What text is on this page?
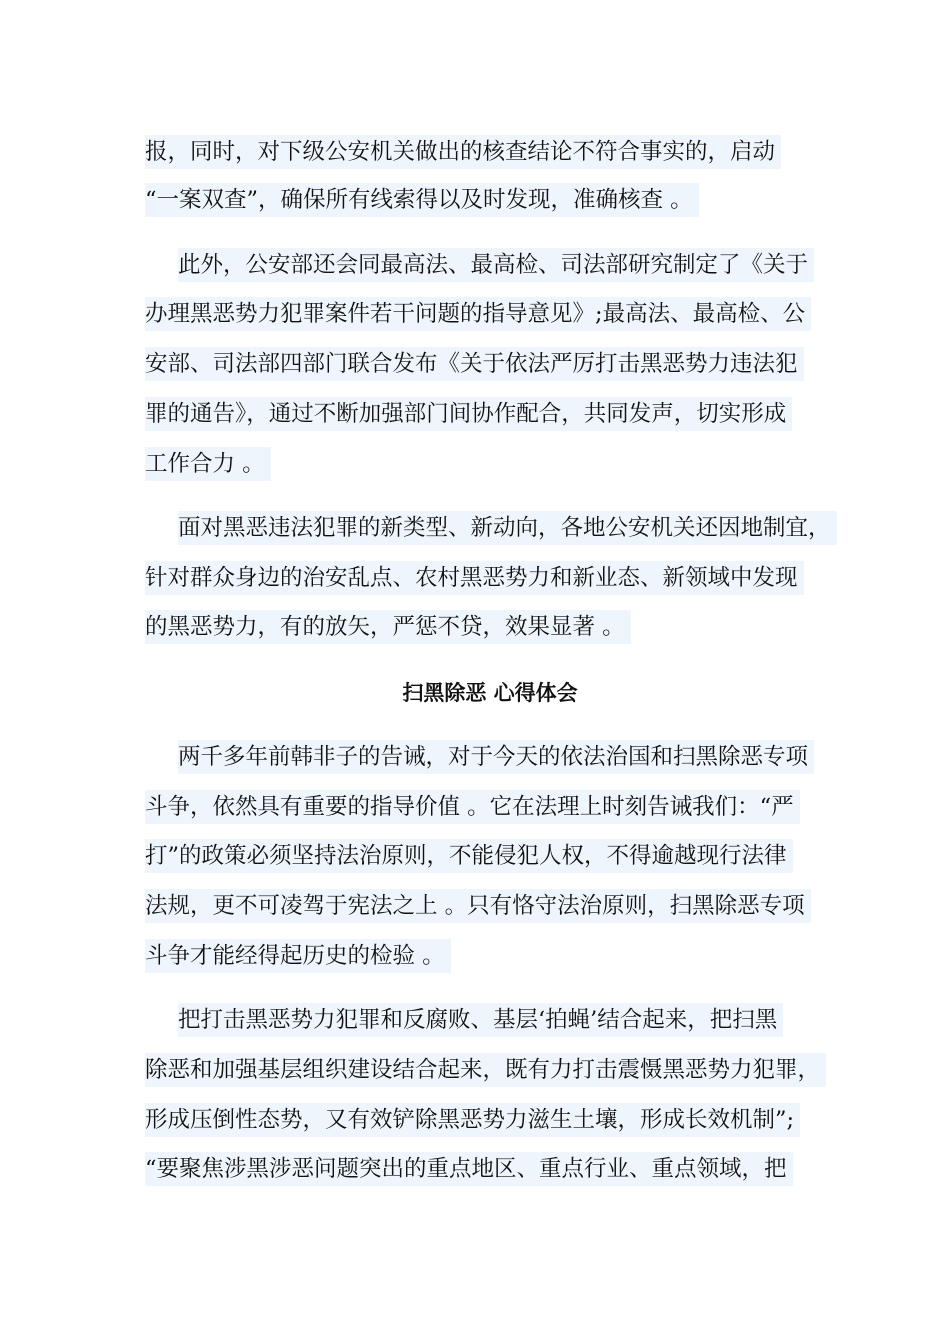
报，同时，对下级公安机关做出的核查结论不符合事实的，启动
“一案双查”，确保所有线索得以及时发现，准确核查 。
此外，公安部还会同最高法、最高检、司法部研究制定了《关于
办理黑恶势力犯罪案件若干问题的指导意见》;最高法、最高检、公
安部、司法部四部门联合发布《关于依法严厉打击黑恶势力违法犯
罪的通告》，通过不断加强部门间协作配合，共同发声，切实形成
工作合力 。
面对黑恶违法犯罪的新类型、新动向，各地公安机关还因地制宜，
针对群众身边的治安乱点、农村黑恶势力和新业态、新领域中发现
的黑恶势力，有的放矢，严惩不贷，效果显著 。
扫黑除恶 心得体会
两千多年前韩非子的告诫，对于今天的依法治国和扫黑除恶专项
斗争，依然具有重要的指导价值 。它在法理上时刻告诫我们：“严
打”的政策必须坚持法治原则，不能侵犯人权，不得逾越现行法律
法规，更不可凌驾于宪法之上 。只有恪守法治原则，扫黑除恶专项
斗争才能经得起历史的检验 。
把打击黑恶势力犯罪和反腐败、基层‘拍蝇’结合起来，把扫黑
除恶和加强基层组织建设结合起来，既有力打击震慑黑恶势力犯罪，
形成压倒性态势，又有效铲除黑恶势力滋生土壤，形成长效机制”;
“要聚焦涉黑涉恶问题突出的重点地区、重点行业、重点领域，把
